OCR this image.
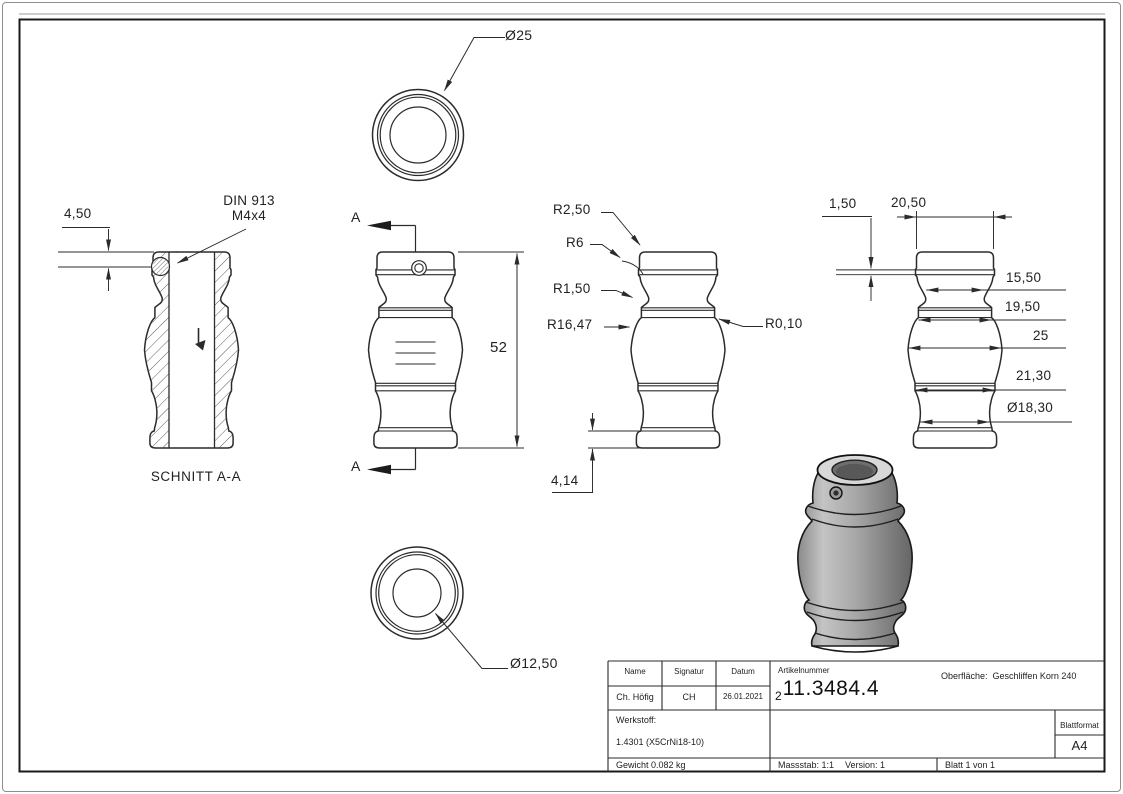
Ø25
DIN 913
M4x4
4,50
SCHNITT A-A
A
A
52
R2,50
R6
R1,50
R16,47	R0,10
4,14
1,50	20,50
15,50
19,50
25
21,30
Ø18,30
Ø12,50
Name	Signatur	Datum
Ch. Höfig	CH	26.01.2021
Artikelnummer
2 11.3484.4
Oberfläche: Geschliffen Korn 240
Werkstoff:
1.4301 (X5CrNi18-10)
Blattformat
A4
Gewicht 0.082 kg	Massstab: 1:1 Version: 1	Blatt 1 von 1
